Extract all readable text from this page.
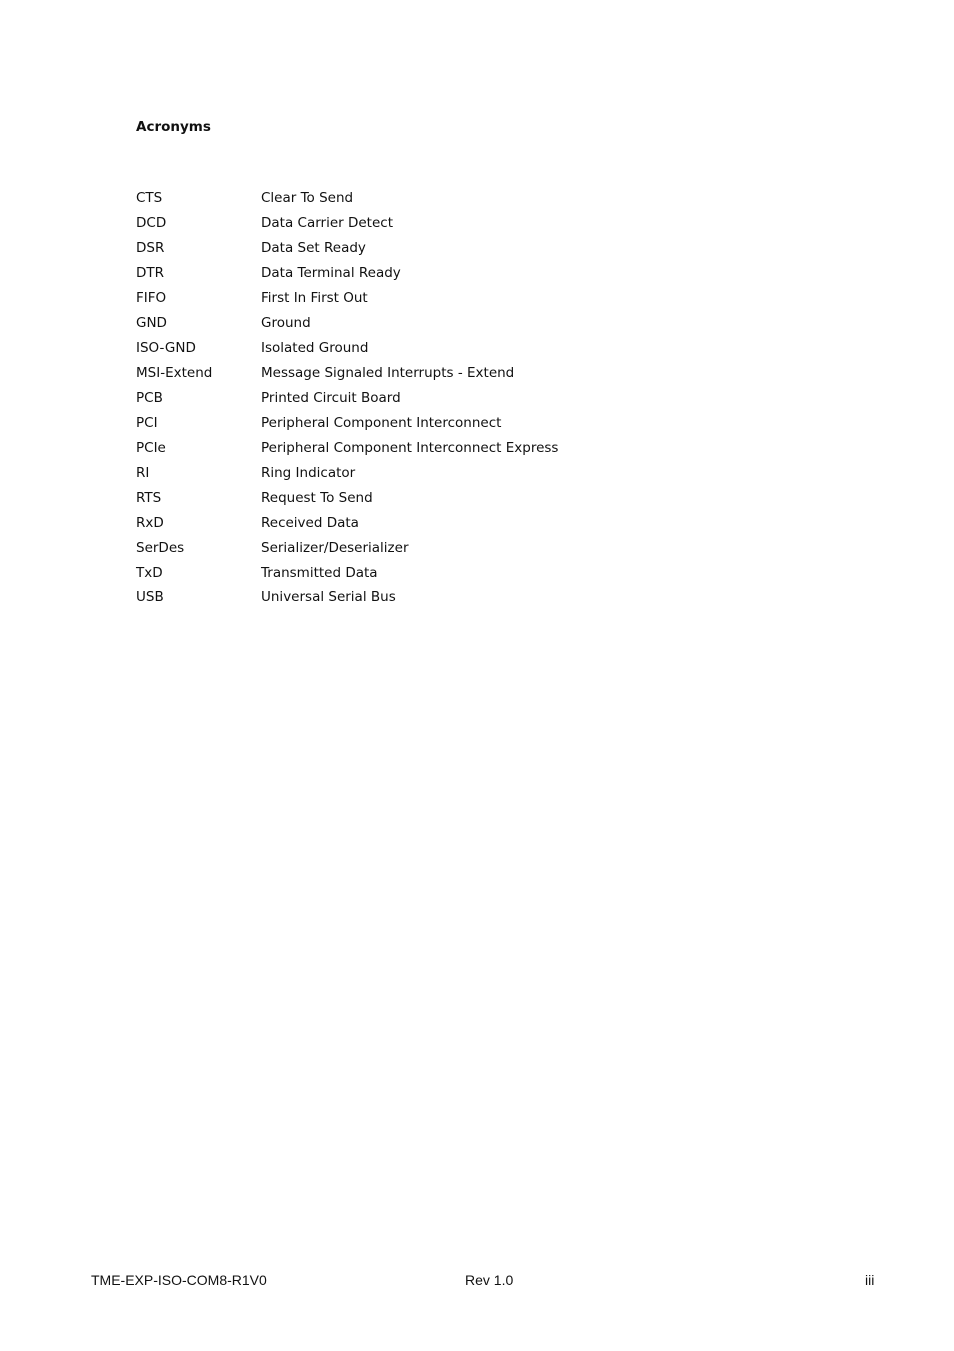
Acronyms
CTS	Clear To Send
DCD	Data Carrier Detect
DSR	Data Set Ready
DTR	Data Terminal Ready
FIFO	First In First Out
GND	Ground
ISO-GND	Isolated Ground
MSI-Extend	Message Signaled Interrupts - Extend
PCB	Printed Circuit Board
PCI	Peripheral Component Interconnect
PCIe	Peripheral Component Interconnect Express
RI	Ring Indicator
RTS	Request To Send
RxD	Received Data
SerDes	Serializer/Deserializer
TxD	Transmitted Data
USB	Universal Serial Bus
TME-EXP-ISO-COM8-R1V0	Rev 1.0	iii
